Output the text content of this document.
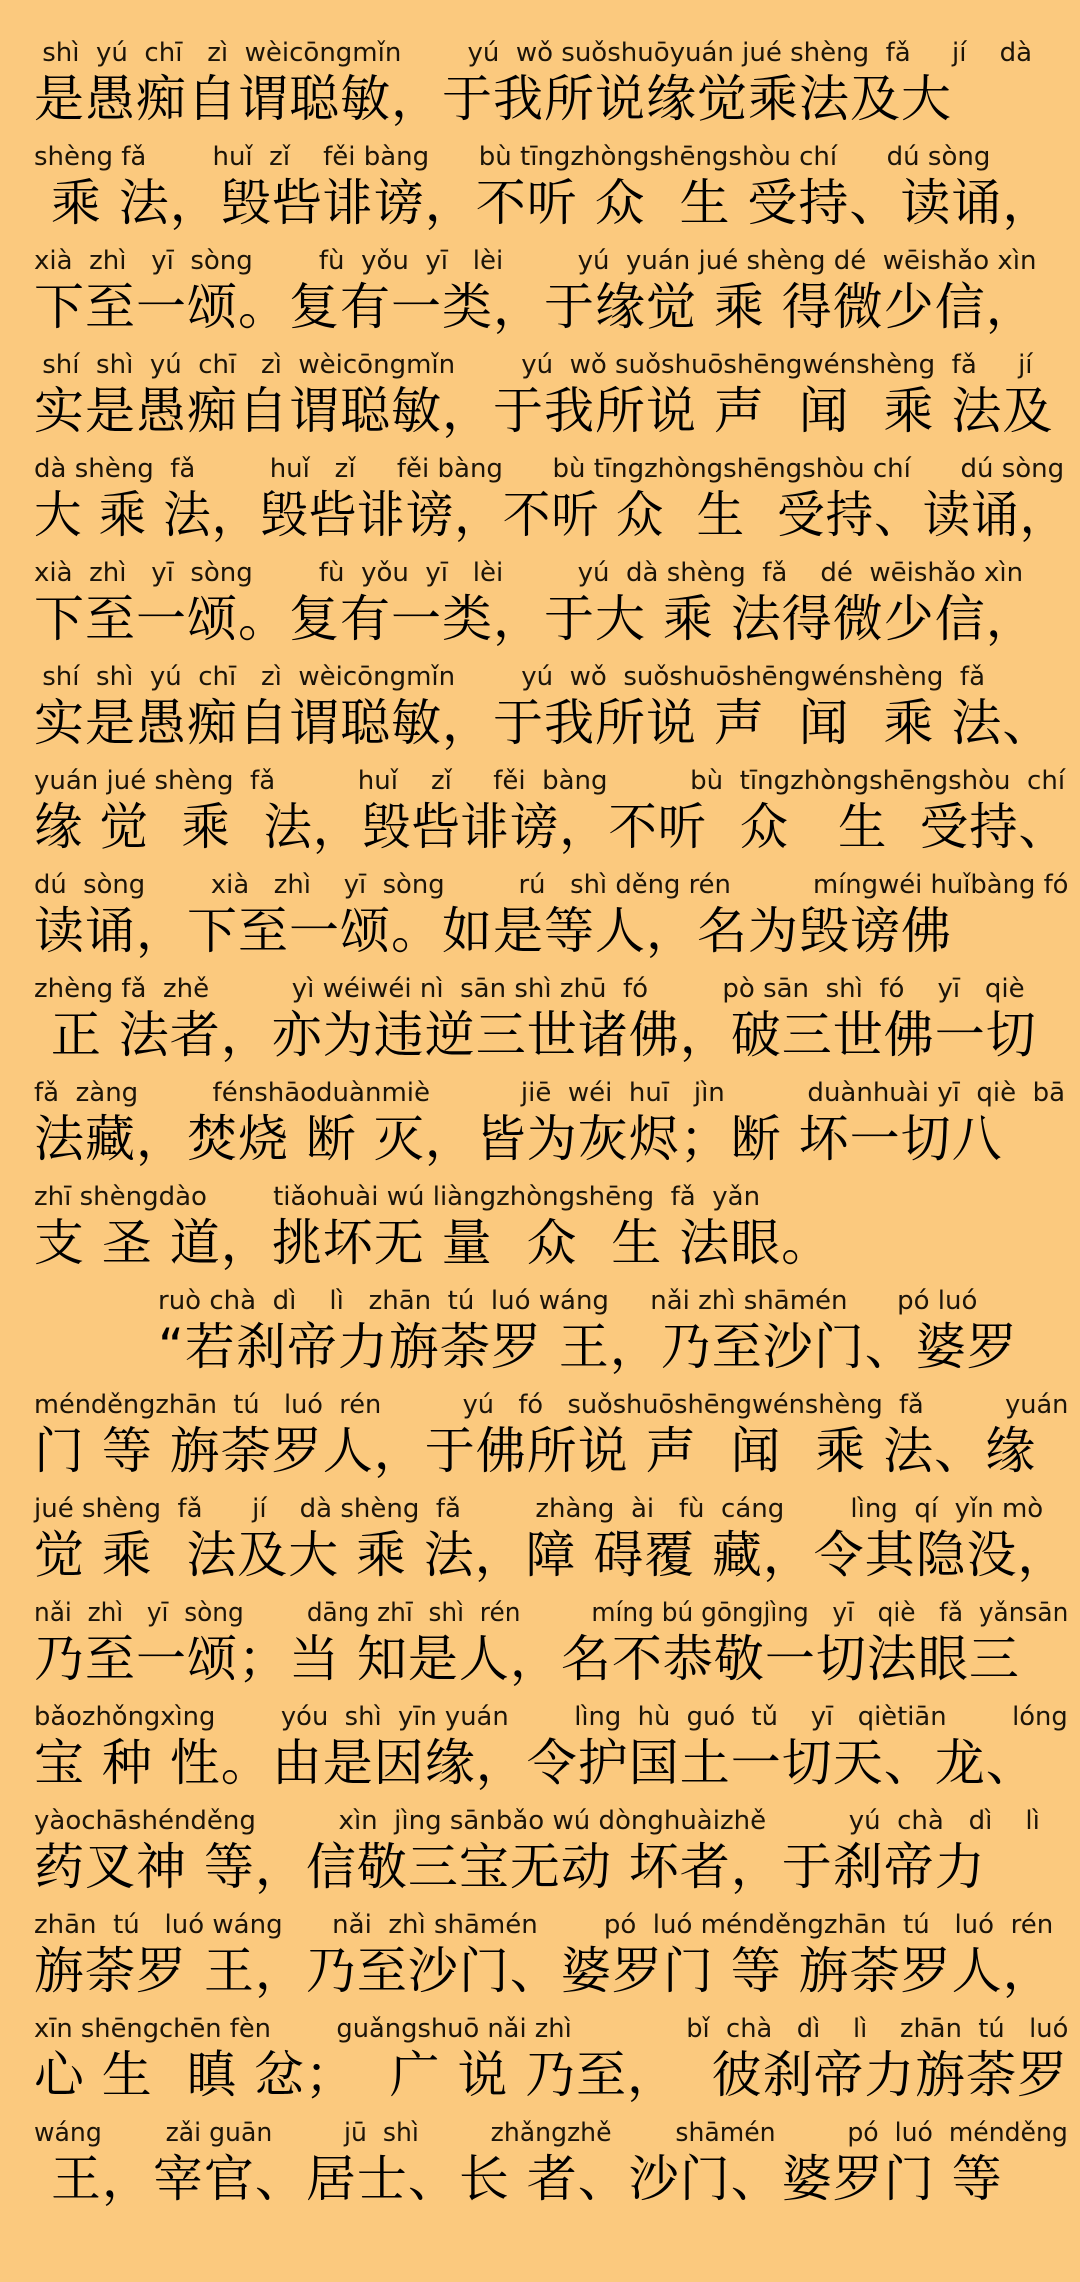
shì  yú  chī   zì  wèicōngmǐn        yú  wǒ suǒshuōyuán jué shèng  fǎ     jí    dà
是愚痴自谓聪敏，于我所说缘觉乘法及大
shèng fǎ        huǐ  zǐ    fěi bàng      bù tīngzhòngshēngshòu chí      dú sòng
乘 法，毁呰诽谤，不听 众  生 受持、读诵，
xià  zhì   yī  sòng        fù  yǒu  yī   lèi         yú  yuán jué shèng dé  wēishǎo xìn
下至一颂。复有一类，于缘觉 乘 得微少信，
shí  shì  yú  chī   zì  wèicōngmǐn        yú  wǒ suǒshuōshēngwénshèng  fǎ     jí
实是愚痴自谓聪敏，于我所说 声  闻  乘 法及
dà shèng  fǎ         huǐ   zǐ     fěi bàng      bù tīngzhòngshēngshòu chí      dú sòng
大 乘 法，毁呰诽谤，不听 众  生  受持、读诵，
xià  zhì   yī  sòng        fù  yǒu  yī   lèi         yú  dà shèng  fǎ    dé  wēishǎo xìn
下至一颂。复有一类，于大 乘 法得微少信，
shí  shì  yú  chī   zì  wèicōngmǐn        yú  wǒ  suǒshuōshēngwénshèng  fǎ
实是愚痴自谓聪敏，于我所说 声  闻  乘 法、
yuán jué shèng  fǎ          huǐ    zǐ     fěi  bàng          bù  tīngzhòngshēngshòu  chí
缘 觉  乘  法，毁呰诽谤，不听  众   生  受持、
dú  sòng        xià   zhì    yī  sòng         rú   shì děng rén          míngwéi huǐbàng fó
读诵，下至一颂。如是等人，名为毁谤佛
zhèng fǎ  zhě          yì wéiwéi nì  sān shì zhū  fó         pò sān  shì  fó    yī   qiè
正 法者，亦为违逆三世诸佛，破三世佛一切
fǎ  zàng         fénshāoduànmiè           jiē  wéi  huī   jìn          duànhuài yī  qiè  bā
法藏，焚烧 断 灭，皆为灰烬；断 坏一切八
zhī shèngdào        tiǎohuài wú liàngzhòngshēng  fǎ  yǎn
支 圣 道，挑坏无 量  众  生 法眼。
ruò chà  dì    lì   zhān  tú  luó wáng     nǎi zhì shāmén      pó luó
“若刹帝力旃荼罗 王，乃至沙门、婆罗
ménděngzhān  tú   luó  rén          yú   fó   suǒshuōshēngwénshèng  fǎ          yuán
门 等 旃荼罗人，于佛所说 声  闻  乘 法、缘
jué shèng  fǎ      jí    dà shèng  fǎ         zhàng  ài   fù  cáng        lìng  qí  yǐn mò
觉 乘  法及大 乘 法，障 碍覆 藏，令其隐没，
nǎi  zhì   yī  sòng        dāng zhī  shì  rén         míng bú gōngjìng   yī   qiè   fǎ  yǎnsān
乃至一颂；当 知是人，名不恭敬一切法眼三
bǎozhǒngxìng        yóu  shì  yīn yuán        lìng  hù  guó  tǔ    yī   qiètiān        lóng
宝 种 性。由是因缘，令护国土一切天、龙、
yàochāshénděng          xìn  jìng sānbǎo wú dònghuàizhě          yú  chà   dì    lì
药叉神 等，信敬三宝无动 坏者，于刹帝力
zhān  tú   luó wáng      nǎi  zhì shāmén        pó  luó ménděngzhān  tú   luó  rén
旃荼罗 王，乃至沙门、婆罗门 等 旃荼罗人，
xīn shēngchēn fèn        guǎngshuō nǎi zhì              bǐ  chà   dì    lì    zhān  tú   luó
心 生  瞋 忿；  广 说 乃至，  彼刹帝力旃荼罗
wáng        zǎi guān         jū  shì         zhǎngzhě        shāmén         pó  luó  ménděng
王，宰官、居士、长 者、沙门、婆罗门 等
